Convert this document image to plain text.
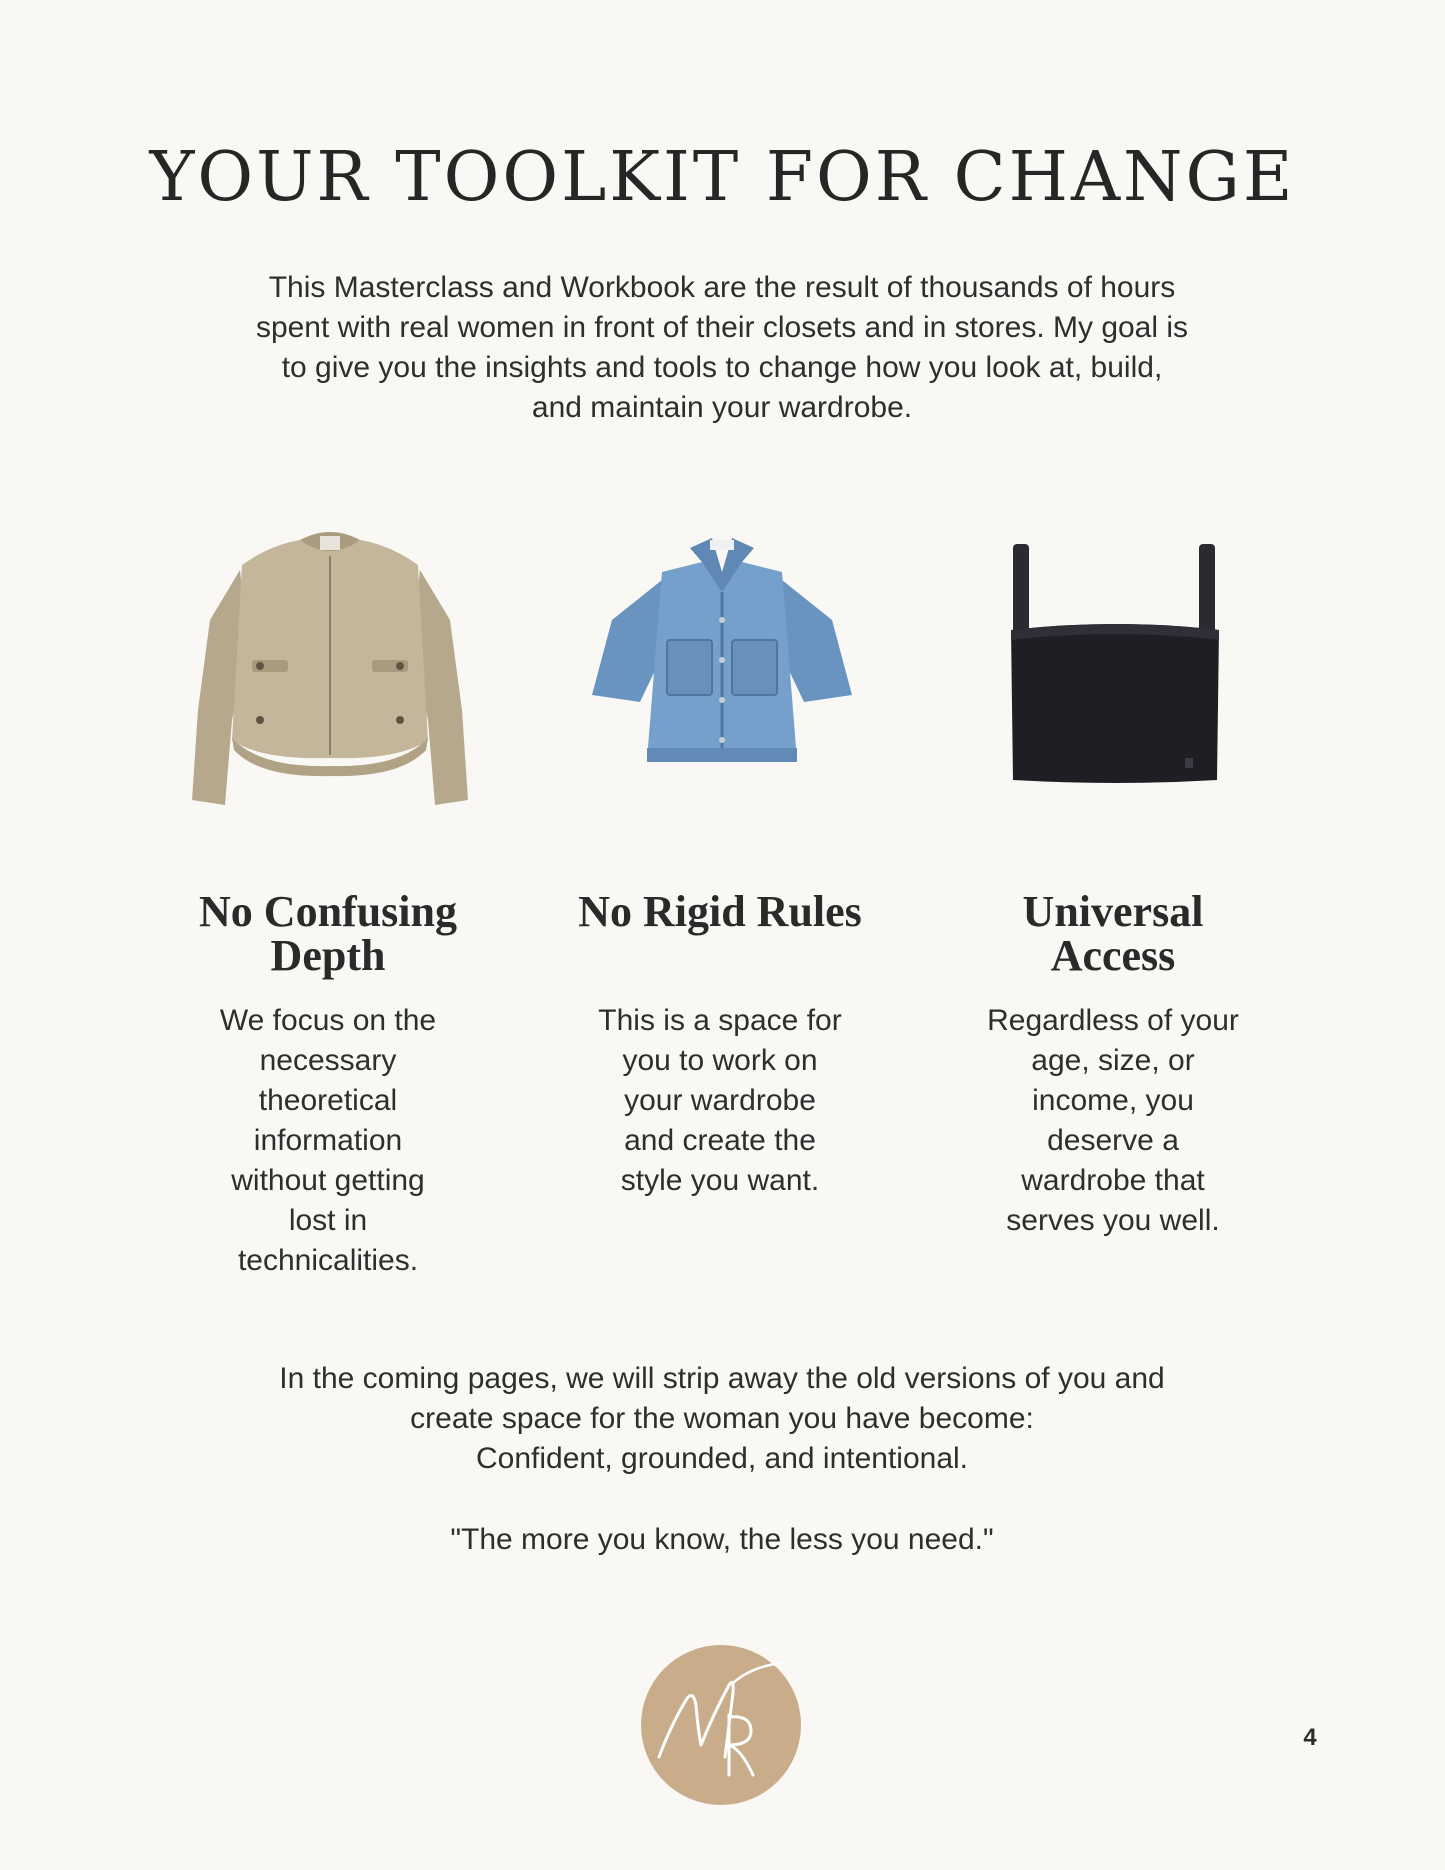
YOUR TOOLKIT FOR CHANGE

This Masterclass and Workbook are the result of thousands of hours
spent with real women in front of their closets and in stores. My goal is
to give you the insights and tools to change how you look at, build,
and maintain your wardrobe.

No Confusing
Depth

We focus on the
necessary
theoretical
information
without getting
lost in
technicalities.

No Rigid Rules

This is a space for
you to work on
your wardrobe
and create the
style you want.

Universal
Access

Regardless of your
age, size, or
income, you
deserve a
wardrobe that
serves you well.

In the coming pages, we will strip away the old versions of you and

create space for the woman you have become:

Confident, grounded, and intentional.

"The more you know, the less you need."

4
